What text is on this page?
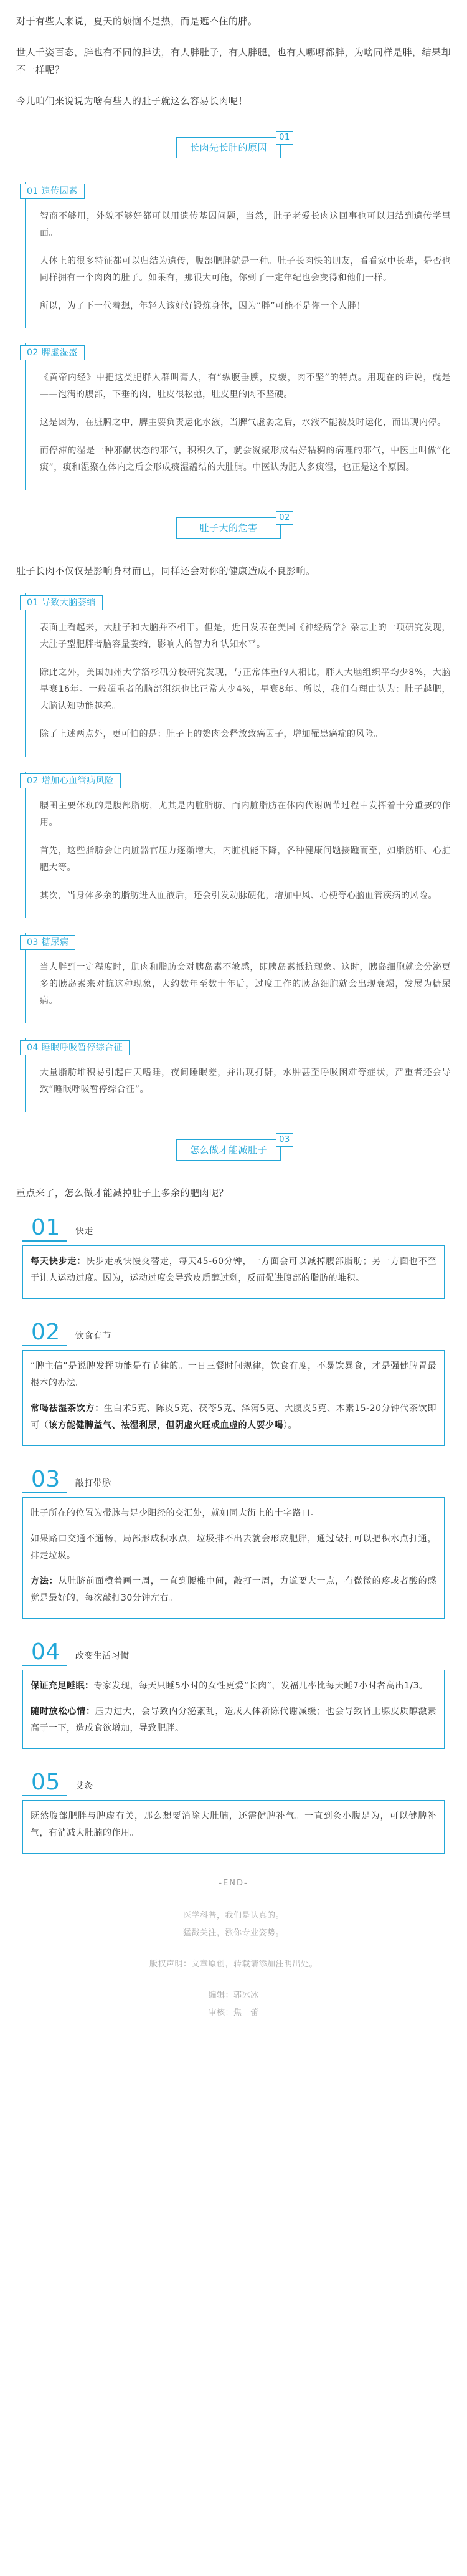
对于有些人来说，夏天的烦恼不是热，而是遮不住的胖。
世人千姿百态，胖也有不同的胖法，有人胖肚子，有人胖腿，也有人哪哪都胖，为啥同样是胖，结果却不一样呢？
今儿咱们来说说为啥有些人的肚子就这么容易长肉呢！
长肉先长肚的原因
01
01 遗传因素
智商不够用，外貌不够好都可以用遗传基因问题，当然，肚子老爱长肉这回事也可以归结到遗传学里面。
人体上的很多特征都可以归结为遗传，腹部肥胖就是一种。肚子长肉快的朋友，看看家中长辈，是否也同样拥有一个肉肉的肚子。如果有，那很大可能，你到了一定年纪也会变得和他们一样。
所以，为了下一代着想，年轻人该好好锻炼身体，因为“胖”可能不是你一个人胖！
02 脾虚湿盛
《黄帝内经》中把这类肥胖人群叫膏人，有“纵腹垂腴，皮缓，肉不坚”的特点。用现在的话说，就是——饱满的腹部，下垂的肉，肚皮很松弛，肚皮里的肉不坚硬。
这是因为，在脏腑之中，脾主要负责运化水液，当脾气虚弱之后，水液不能被及时运化，而出现内停。
而停滞的湿是一种邪献状态的邪气，积积久了，就会凝聚形成粘好粘稠的病理的邪气，中医上叫做“化痰”，痰和湿聚在体内之后会形成痰湿蕴结的大肚腩。中医认为肥人多痰湿，也正是这个原因。
肚子大的危害
02
肚子长肉不仅仅是影响身材而已，同样还会对你的健康造成不良影响。
01 导致大脑萎缩
表面上看起来，大肚子和大脑并不相干。但是，近日发表在美国《神经病学》杂志上的一项研究发现，大肚子型肥胖者脑容量萎缩，影响人的智力和认知水平。
除此之外，美国加州大学洛杉矶分校研究发现，与正常体重的人相比，胖人大脑组织平均少8%，大脑早衰16年。一般超重者的脑部组织也比正常人少4%，早衰8年。所以，我们有理由认为：肚子越肥，大脑认知功能越差。
除了上述两点外，更可怕的是：肚子上的赘肉会释放致癌因子，增加罹患癌症的风险。
02 增加心血管病风险
腰围主要体现的是腹部脂肪，尤其是内脏脂肪。而内脏脂肪在体内代谢调节过程中发挥着十分重要的作用。
首先，这些脂肪会让内脏器官压力逐渐增大，内脏机能下降，各种健康问题接踵而至，如脂肪肝、心脏肥大等。
其次，当身体多余的脂肪进入血液后，还会引发动脉硬化，增加中风、心梗等心脑血管疾病的风险。
03 糖尿病
当人胖到一定程度时，肌肉和脂肪会对胰岛素不敏感，即胰岛素抵抗现象。这时，胰岛细胞就会分泌更多的胰岛素来对抗这种现象，大约数年至数十年后，过度工作的胰岛细胞就会出现衰竭，发展为糖尿病。
04 睡眠呼吸暂停综合征
大量脂肪堆积易引起白天嗜睡，夜间睡眠差，并出现打鼾，水肿甚至呼吸困难等症状，严重者还会导致“睡眠呼吸暂停综合征”。
怎么做才能减肚子
03
重点来了，怎么做才能减掉肚子上多余的肥肉呢？
01	快走
每天快步走：快步走或快慢交替走，每天45-60分钟，一方面会可以减掉腹部脂肪；另一方面也不至于让人运动过度。因为，运动过度会导致皮质醇过剩，反而促进腹部的脂肪的堆积。
02	饮食有节
“脾主信”是说脾发挥功能是有节律的。一日三餐时间规律，饮食有度，不暴饮暴食，才是强健脾胃最根本的办法。
常喝祛湿茶饮方：生白术5克、陈皮5克、茯苓5克、泽泻5克、大腹皮5克、木素15-20分钟代茶饮即可（该方能健脾益气、祛湿利尿，但阴虚火旺或血虚的人要少喝）。
03	敲打带脉
肚子所在的位置为带脉与足少阳经的交汇处，就如同大街上的十字路口。
如果路口交通不通畅，局部形成积水点，垃圾排不出去就会形成肥胖，通过敲打可以把积水点打通，排走垃圾。
方法：从肚脐前面横着画一周，一直到腰椎中间，敲打一周，力道要大一点，有微微的疼或者酸的感觉是最好的，每次敲打30分钟左右。
04	改变生活习惯
保证充足睡眠：专家发现，每天只睡5小时的女性更爱“长肉”，发福几率比每天睡7小时者高出1/3。
随时放松心情：压力过大，会导致内分泌紊乱，造成人体新陈代谢减缓；也会导致肾上腺皮质醇激素高于一下，造成食欲增加，导致肥胖。
05	艾灸
既然腹部肥胖与脾虚有关，那么想要消除大肚腩，还需健脾补气。一直到灸小腹足为，可以健脾补气，有消减大肚腩的作用。
-END-
医学科普，我们是认真的。
猛戳关注，涨你专业姿势。
版权声明：文章原创，转载请添加注明出处。
编辑：郭冰冰
审核：焦　蕾
